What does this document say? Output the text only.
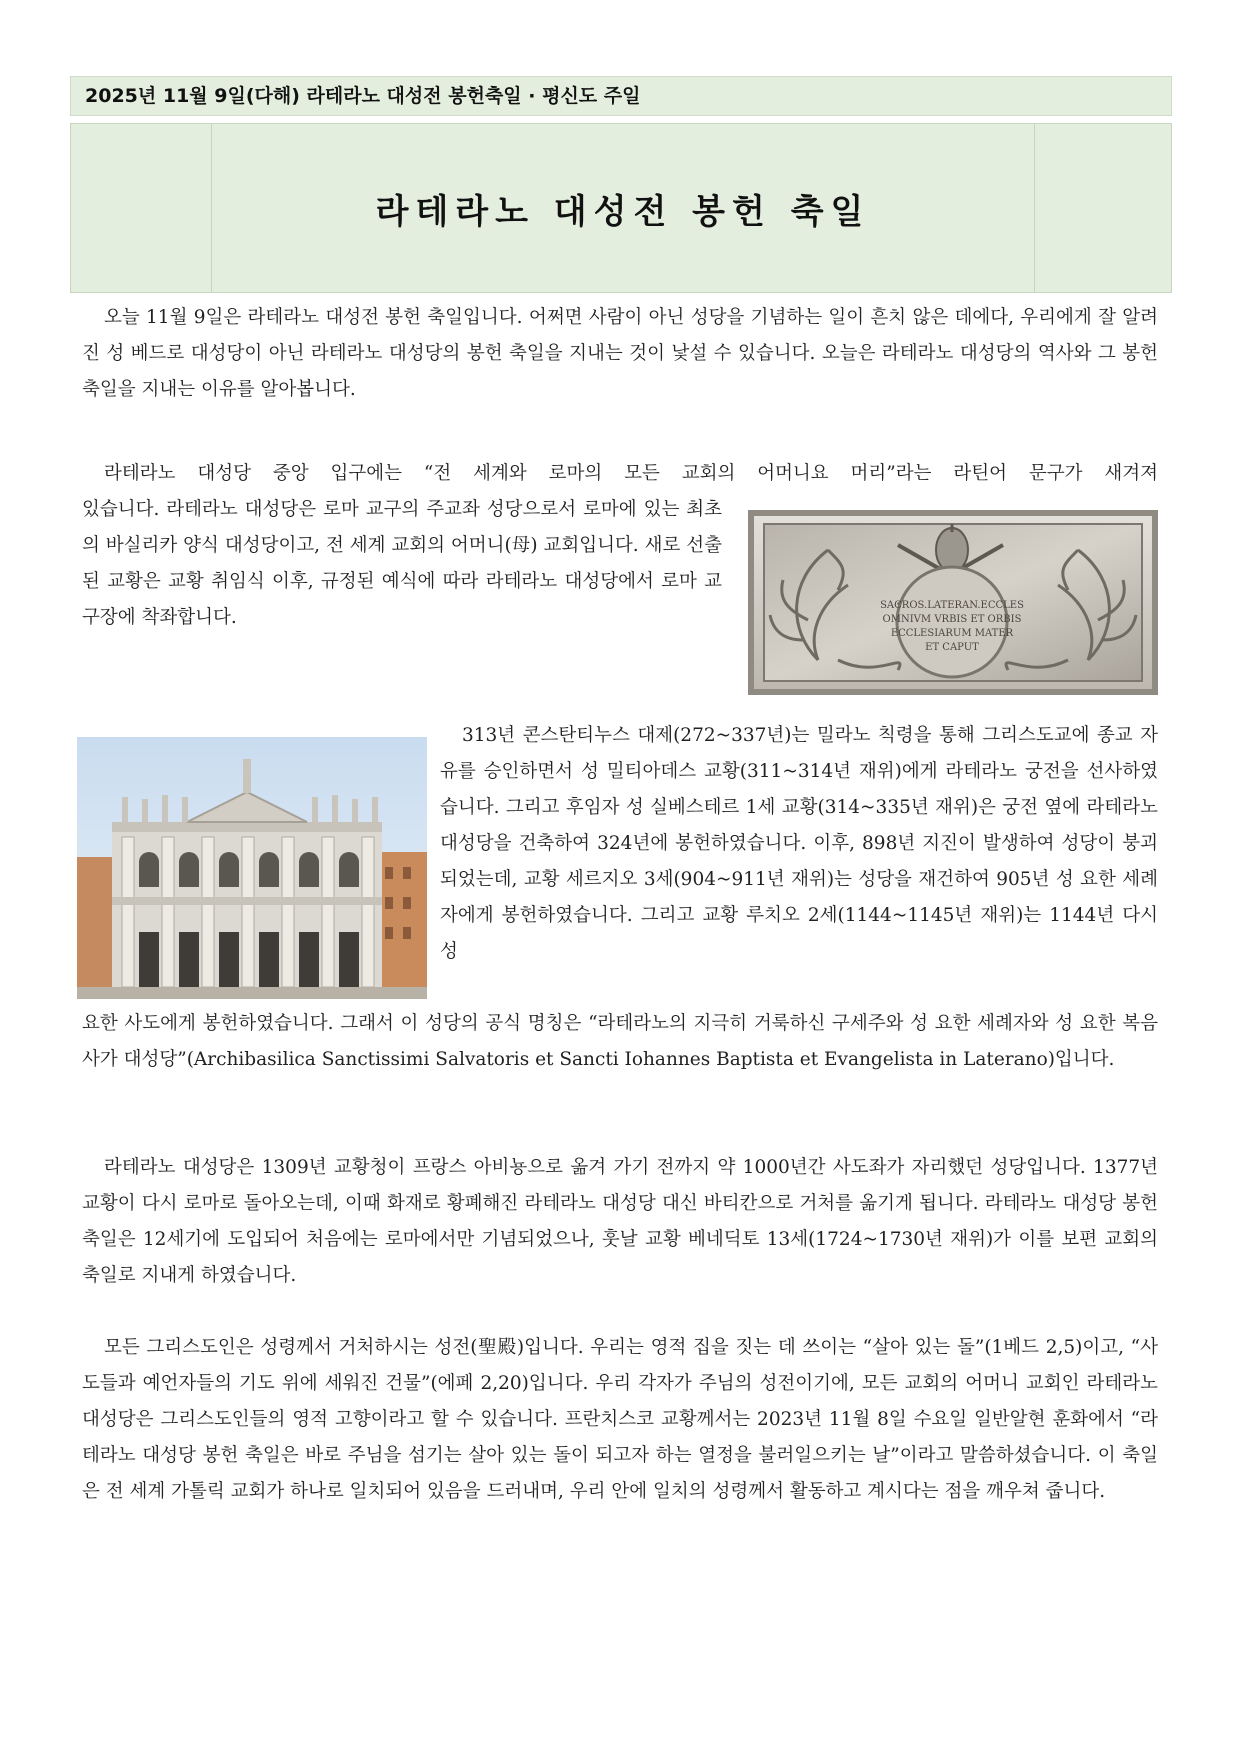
2025년 11월 9일(다해) 라테라노 대성전 봉헌축일 · 평신도 주일
라테라노 대성전 봉헌 축일

오늘 11월 9일은 라테라노 대성전 봉헌 축일입니다. 어쩌면 사람이 아닌 성당을 기념하는 일이 흔치 않은 데에다, 우리에게 잘 알려진 성 베드로 대성당이 아닌 라테라노 대성당의 봉헌 축일을 지내는 것이 낯설 수 있습니다. 오늘은 라테라노 대성당의 역사와 그 봉헌 축일을 지내는 이유를 알아봅니다.

라테라노 대성당 중앙 입구에는 “전 세계와 로마의 모든 교회의 어머니요 머리”라는 라틴어 문구가 새겨져

있습니다. 라테라노 대성당은 로마 교구의 주교좌 성당으로서 로마에 있는 최초의 바실리카 양식 대성당이고, 전 세계 교회의 어머니(母) 교회입니다. 새로 선출된 교황은 교황 취임식 이후, 규정된 예식에 따라 라테라노 대성당에서 로마 교구장에 착좌합니다.

SACROS.LATERAN.ECCLES
OMNIVM VRBIS ET ORBIS
ECCLESIARUM MATER
ET CAPUT

313년 콘스탄티누스 대제(272~337년)는 밀라노 칙령을 통해 그리스도교에 종교 자유를 승인하면서 성 밀티아데스 교황(311~314년 재위)에게 라테라노 궁전을 선사하였습니다. 그리고 후임자 성 실베스테르 1세 교황(314~335년 재위)은 궁전 옆에 라테라노 대성당을 건축하여 324년에 봉헌하였습니다. 이후, 898년 지진이 발생하여 성당이 붕괴되었는데, 교황 세르지오 3세(904~911년 재위)는 성당을 재건하여 905년 성 요한 세례자에게 봉헌하였습니다. 그리고 교황 루치오 2세(1144~1145년 재위)는 1144년 다시 성

요한 사도에게 봉헌하였습니다. 그래서 이 성당의 공식 명칭은 “라테라노의 지극히 거룩하신 구세주와 성 요한 세례자와 성 요한 복음사가 대성당”(Archibasilica Sanctissimi Salvatoris et Sancti Iohannes Baptista et Evangelista in Laterano)입니다.

라테라노 대성당은 1309년 교황청이 프랑스 아비뇽으로 옮겨 가기 전까지 약 1000년간 사도좌가 자리했던 성당입니다. 1377년 교황이 다시 로마로 돌아오는데, 이때 화재로 황폐해진 라테라노 대성당 대신 바티칸으로 거처를 옮기게 됩니다. 라테라노 대성당 봉헌 축일은 12세기에 도입되어 처음에는 로마에서만 기념되었으나, 훗날 교황 베네딕토 13세(1724~1730년 재위)가 이를 보편 교회의 축일로 지내게 하였습니다.

모든 그리스도인은 성령께서 거처하시는 성전(聖殿)입니다. 우리는 영적 집을 짓는 데 쓰이는 “살아 있는 돌”(1베드 2,5)이고, “사도들과 예언자들의 기도 위에 세워진 건물”(에페 2,20)입니다. 우리 각자가 주님의 성전이기에, 모든 교회의 어머니 교회인 라테라노 대성당은 그리스도인들의 영적 고향이라고 할 수 있습니다. 프란치스코 교황께서는 2023년 11월 8일 수요일 일반알현 훈화에서 “라테라노 대성당 봉헌 축일은 바로 주님을 섬기는 살아 있는 돌이 되고자 하는 열정을 불러일으키는 날”이라고 말씀하셨습니다. 이 축일은 전 세계 가톨릭 교회가 하나로 일치되어 있음을 드러내며, 우리 안에 일치의 성령께서 활동하고 계시다는 점을 깨우쳐 줍니다.
